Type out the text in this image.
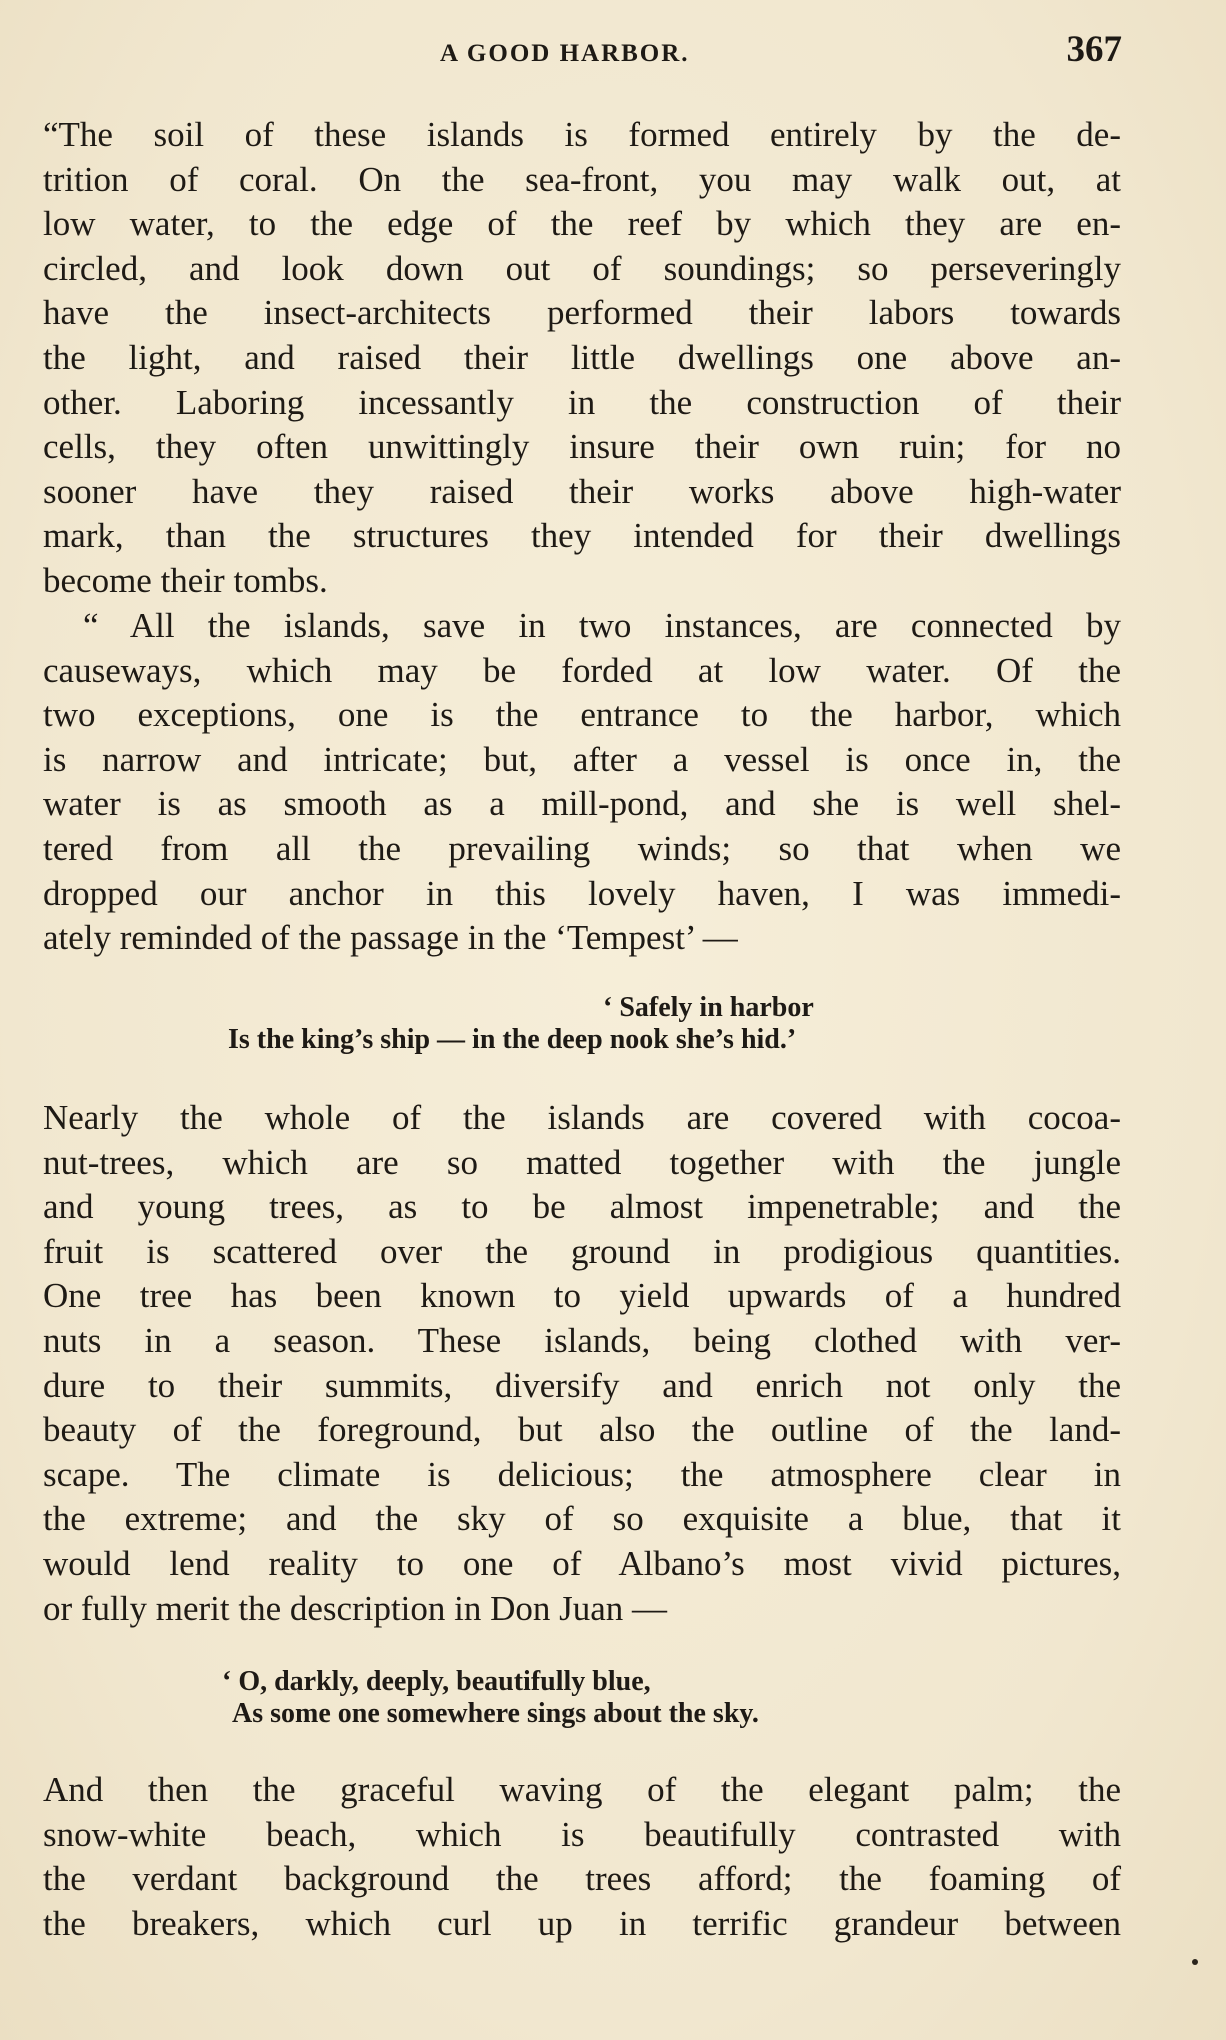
A GOOD HARBOR.	367
“The soil of these islands is formed entirely by the de-
trition of coral. On the sea-front, you may walk out, at
low water, to the edge of the reef by which they are en-
circled, and look down out of soundings; so perseveringly
have the insect-architects performed their labors towards
the light, and raised their little dwellings one above an-
other. Laboring incessantly in the construction of their
cells, they often unwittingly insure their own ruin; for no
sooner have they raised their works above high-water
mark, than the structures they intended for their dwellings
become their tombs.
“ All the islands, save in two instances, are connected by
causeways, which may be forded at low water. Of the
two exceptions, one is the entrance to the harbor, which
is narrow and intricate; but, after a vessel is once in, the
water is as smooth as a mill-pond, and she is well shel-
tered from all the prevailing winds; so that when we
dropped our anchor in this lovely haven, I was immedi-
ately reminded of the passage in the ‘Tempest’ —
‘ Safely in harbor
Is the king’s ship — in the deep nook she’s hid.’
Nearly the whole of the islands are covered with cocoa-
nut-trees, which are so matted together with the jungle
and young trees, as to be almost impenetrable; and the
fruit is scattered over the ground in prodigious quantities.
One tree has been known to yield upwards of a hundred
nuts in a season. These islands, being clothed with ver-
dure to their summits, diversify and enrich not only the
beauty of the foreground, but also the outline of the land-
scape. The climate is delicious; the atmosphere clear in
the extreme; and the sky of so exquisite a blue, that it
would lend reality to one of Albano’s most vivid pictures,
or fully merit the description in Don Juan —
‘ O, darkly, deeply, beautifully blue,
As some one somewhere sings about the sky.
And then the graceful waving of the elegant palm; the
snow-white beach, which is beautifully contrasted with
the verdant background the trees afford; the foaming of
the breakers, which curl up in terrific grandeur between
